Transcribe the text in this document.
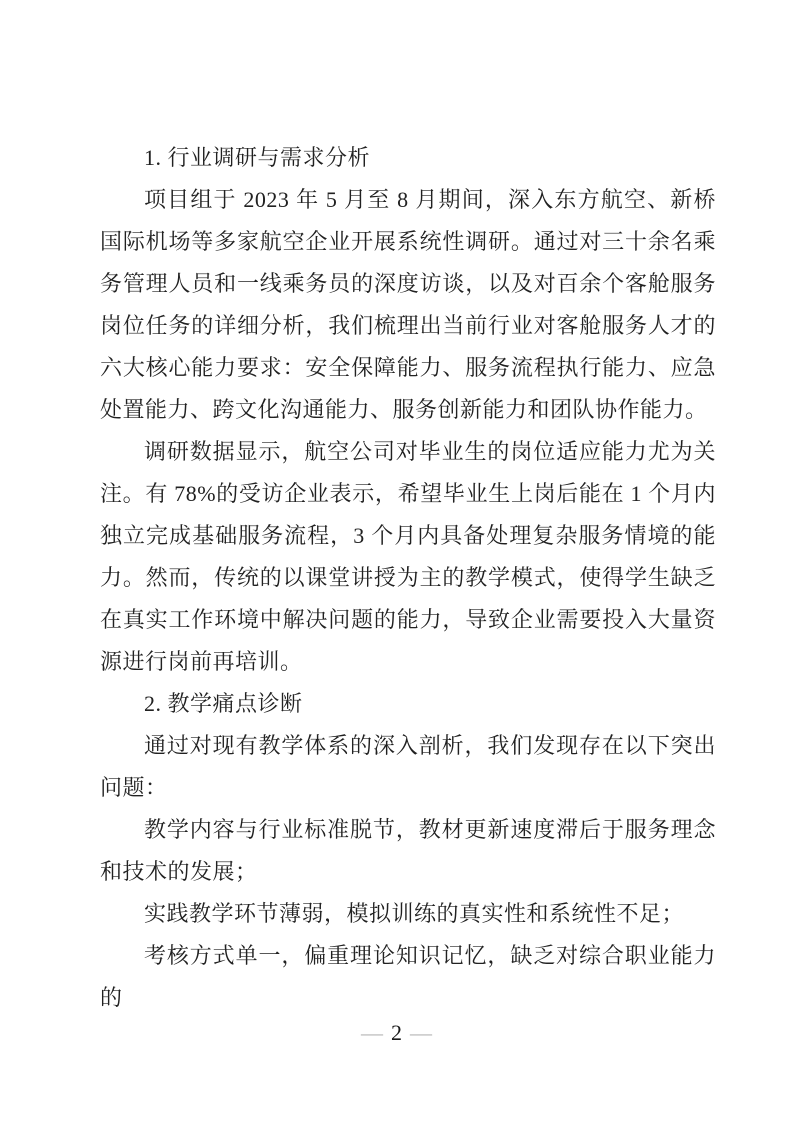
1. 行业调研与需求分析

项目组于 2023 年 5 月至 8 月期间，深入东方航空、新桥国际机场等多家航空企业开展系统性调研。通过对三十余名乘务管理人员和一线乘务员的深度访谈，以及对百余个客舱服务岗位任务的详细分析，我们梳理出当前行业对客舱服务人才的六大核心能力要求：安全保障能力、服务流程执行能力、应急处置能力、跨文化沟通能力、服务创新能力和团队协作能力。

调研数据显示，航空公司对毕业生的岗位适应能力尤为关注。有 78%的受访企业表示，希望毕业生上岗后能在 1 个月内独立完成基础服务流程，3 个月内具备处理复杂服务情境的能力。然而，传统的以课堂讲授为主的教学模式，使得学生缺乏在真实工作环境中解决问题的能力，导致企业需要投入大量资源进行岗前再培训。

2. 教学痛点诊断

通过对现有教学体系的深入剖析，我们发现存在以下突出问题：

教学内容与行业标准脱节，教材更新速度滞后于服务理念和技术的发展；

实践教学环节薄弱，模拟训练的真实性和系统性不足；

考核方式单一，偏重理论知识记忆，缺乏对综合职业能力的

— 2 —
